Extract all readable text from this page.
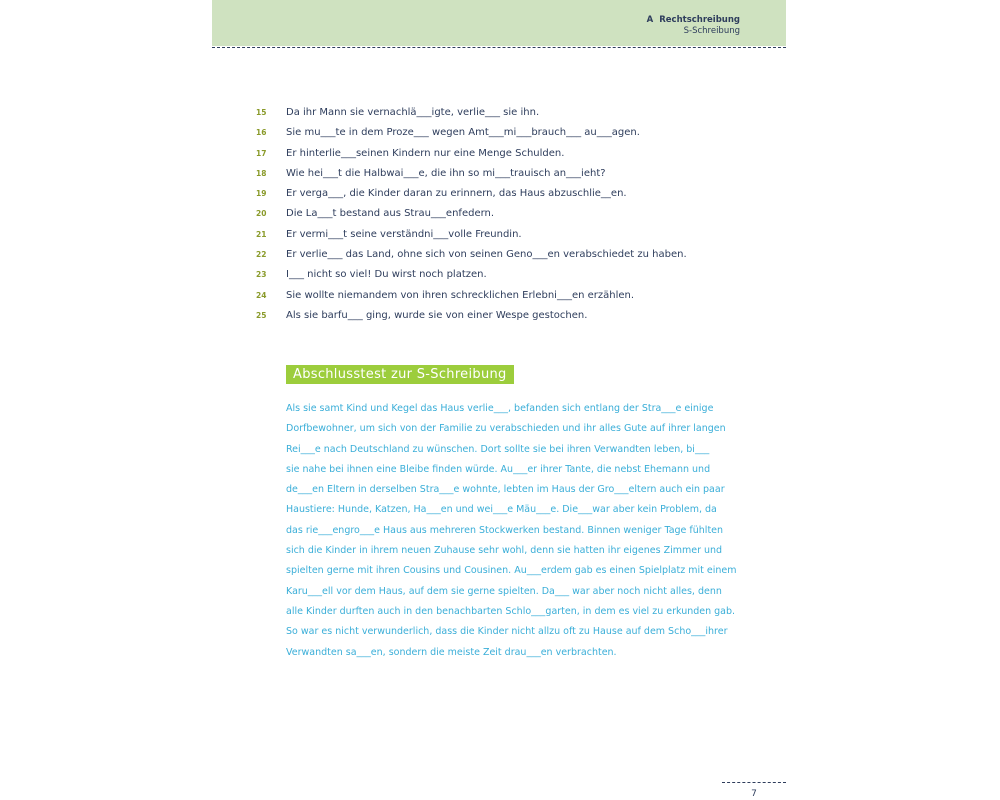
A Rechtschreibung
S-Schreibung
15	Da ihr Mann sie vernachlä___igte, verlie___ sie ihn.
16	Sie mu___te in dem Proze___ wegen Amt___mi___brauch___ au___agen.
17	Er hinterlie___seinen Kindern nur eine Menge Schulden.
18	Wie hei___t die Halbwai___e, die ihn so mi___trauisch an___ieht?
19	Er verga___, die Kinder daran zu erinnern, das Haus abzuschlie__en.
20	Die La___t bestand aus Strau___enfedern.
21	Er vermi___t seine verständni___volle Freundin.
22	Er verlie___ das Land, ohne sich von seinen Geno___en verabschiedet zu haben.
23	I___ nicht so viel! Du wirst noch platzen.
24	Sie wollte niemandem von ihren schrecklichen Erlebni___en erzählen.
25	Als sie barfu___ ging, wurde sie von einer Wespe gestochen.
Abschlusstest zur S-Schreibung
Als sie samt Kind und Kegel das Haus verlie___, befanden sich entlang der Stra___e einige
Dorfbewohner, um sich von der Familie zu verabschieden und ihr alles Gute auf ihrer langen
Rei___e nach Deutschland zu wünschen. Dort sollte sie bei ihren Verwandten leben, bi___
sie nahe bei ihnen eine Bleibe finden würde. Au___er ihrer Tante, die nebst Ehemann und
de___en Eltern in derselben Stra___e wohnte, lebten im Haus der Gro___eltern auch ein paar
Haustiere: Hunde, Katzen, Ha___en und wei___e Mäu___e. Die___war aber kein Problem, da
das rie___engro___e Haus aus mehreren Stockwerken bestand. Binnen weniger Tage fühlten
sich die Kinder in ihrem neuen Zuhause sehr wohl, denn sie hatten ihr eigenes Zimmer und
spielten gerne mit ihren Cousins und Cousinen. Au___erdem gab es einen Spielplatz mit einem
Karu___ell vor dem Haus, auf dem sie gerne spielten. Da___ war aber noch nicht alles, denn
alle Kinder durften auch in den benachbarten Schlo___garten, in dem es viel zu erkunden gab.
So war es nicht verwunderlich, dass die Kinder nicht allzu oft zu Hause auf dem Scho___ihrer
Verwandten sa___en, sondern die meiste Zeit drau___en verbrachten.
7
